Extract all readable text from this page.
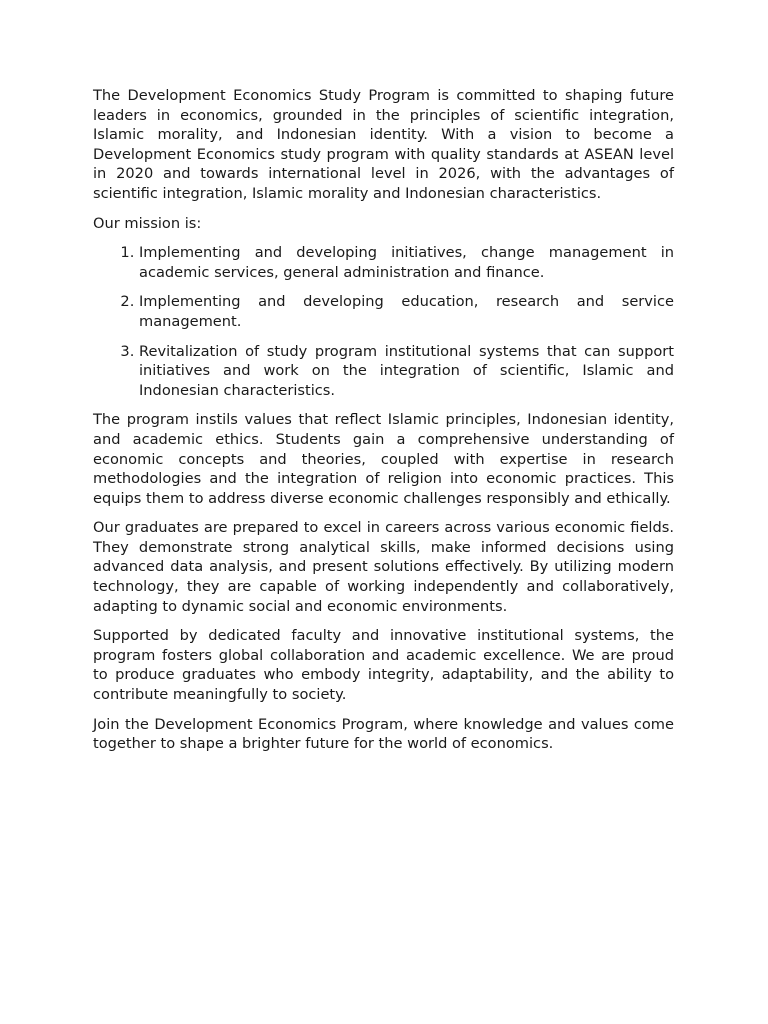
The Development Economics Study Program is committed to shaping future leaders in economics, grounded in the principles of scientific integration, Islamic morality, and Indonesian identity. With a vision to become a Development Economics study program with quality standards at ASEAN level in 2020 and towards international level in 2026, with the advantages of scientific integration, Islamic morality and Indonesian characteristics.

Our mission is:

1. Implementing and developing initiatives, change management in academic services, general administration and finance.
2. Implementing and developing education, research and service management.
3. Revitalization of study program institutional systems that can support initiatives and work on the integration of scientific, Islamic and Indonesian characteristics.

The program instils values that reflect Islamic principles, Indonesian identity, and academic ethics. Students gain a comprehensive understanding of economic concepts and theories, coupled with expertise in research methodologies and the integration of religion into economic practices. This equips them to address diverse economic challenges responsibly and ethically.

Our graduates are prepared to excel in careers across various economic fields. They demonstrate strong analytical skills, make informed decisions using advanced data analysis, and present solutions effectively. By utilizing modern technology, they are capable of working independently and collaboratively, adapting to dynamic social and economic environments.

Supported by dedicated faculty and innovative institutional systems, the program fosters global collaboration and academic excellence. We are proud to produce graduates who embody integrity, adaptability, and the ability to contribute meaningfully to society.

Join the Development Economics Program, where knowledge and values come together to shape a brighter future for the world of economics.
